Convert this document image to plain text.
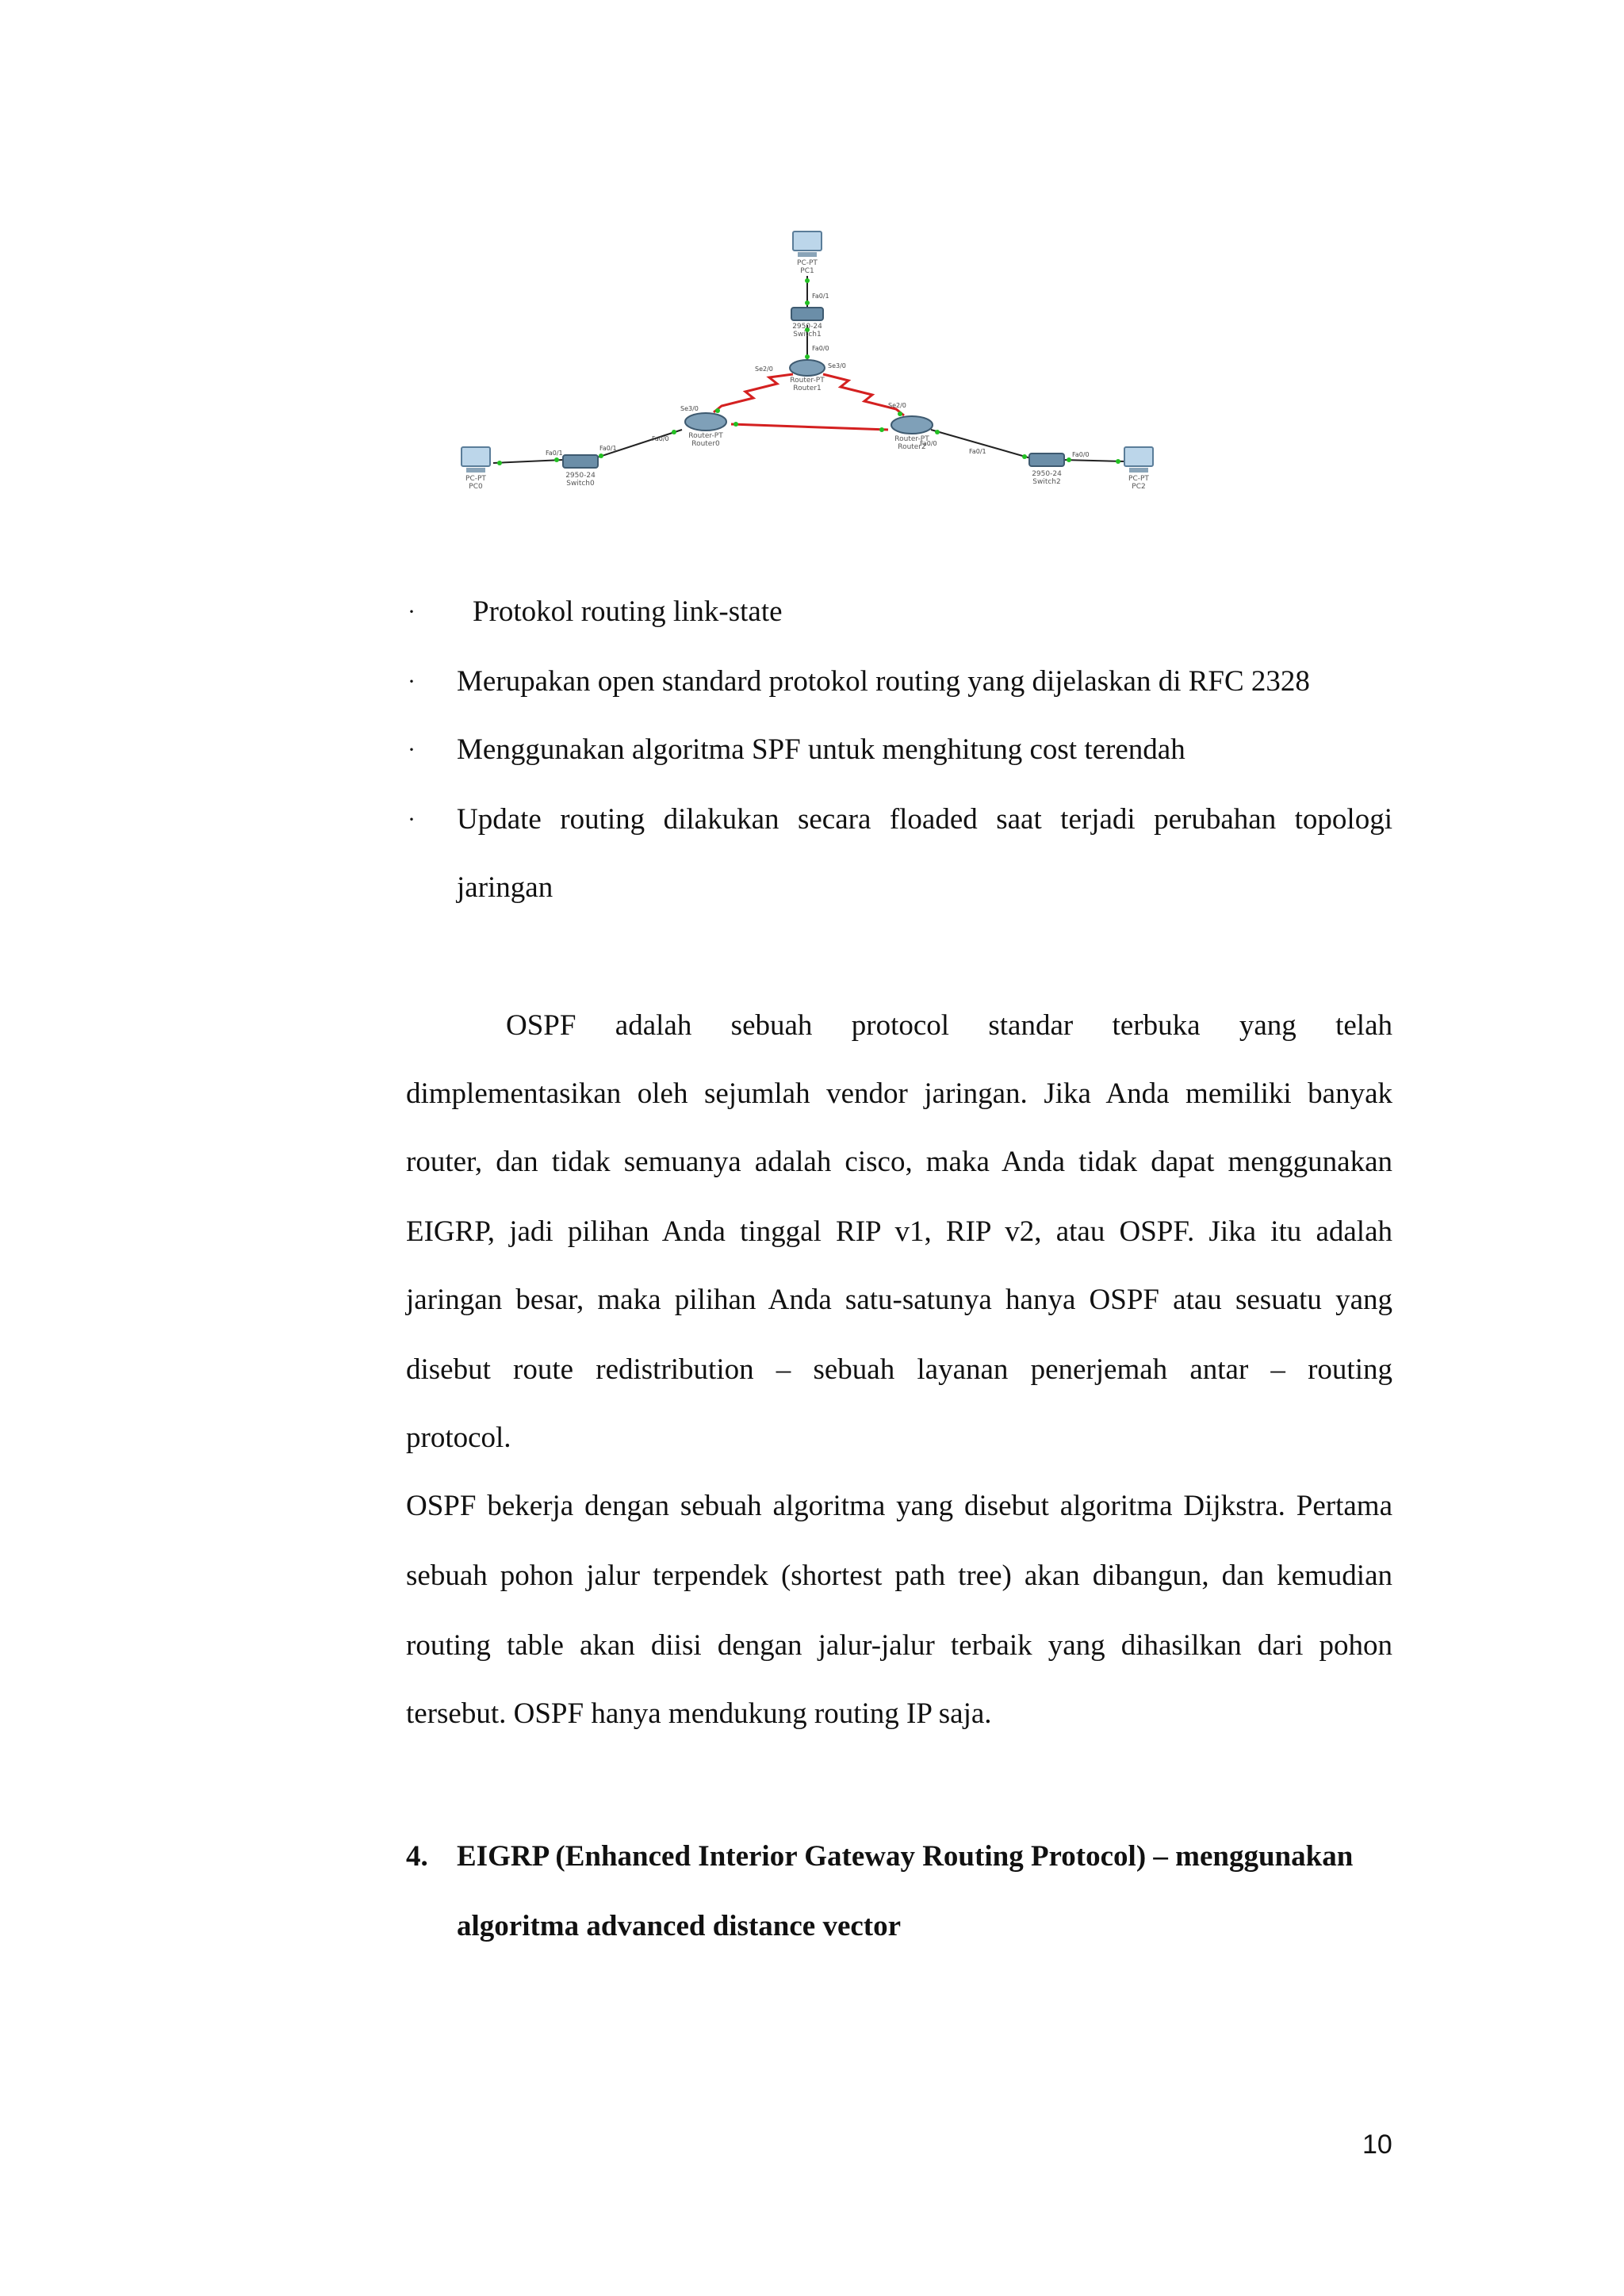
PC-PT
PC1
2950-24
Switch1
Router-PT
Router1
Router-PT
Router0
Router-PT
Router2
2950-24
Switch0
2950-24
Switch2
PC-PT
PC0
PC-PT
PC2
Fa0/1
Fa0/0
Se2/0	Se3/0
Se2/0
Se3/0
Fa0/0
Fa0/1
Fa0/1
Fa0/0
Fa0/1	Fa0/0
· Protokol routing link-state
· Merupakan open standard protokol routing yang dijelaskan di RFC 2328
· Menggunakan algoritma SPF untuk menghitung cost terendah
· Update routing dilakukan secara floaded saat terjadi perubahan topologi
jaringan
OSPF adalah sebuah protocol standar terbuka yang telah
dimplementasikan oleh sejumlah vendor jaringan. Jika Anda memiliki banyak
router, dan tidak semuanya adalah cisco, maka Anda tidak dapat menggunakan
EIGRP, jadi pilihan Anda tinggal RIP v1, RIP v2, atau OSPF. Jika itu adalah
jaringan besar, maka pilihan Anda satu-satunya hanya OSPF atau sesuatu yang
disebut route redistribution – sebuah layanan penerjemah antar – routing
protocol.
OSPF bekerja dengan sebuah algoritma yang disebut algoritma Dijkstra. Pertama
sebuah pohon jalur terpendek (shortest path tree) akan dibangun, dan kemudian
routing table akan diisi dengan jalur-jalur terbaik yang dihasilkan dari pohon
tersebut. OSPF hanya mendukung routing IP saja.
4. EIGRP (Enhanced Interior Gateway Routing Protocol) – menggunakan
algoritma advanced distance vector
10
